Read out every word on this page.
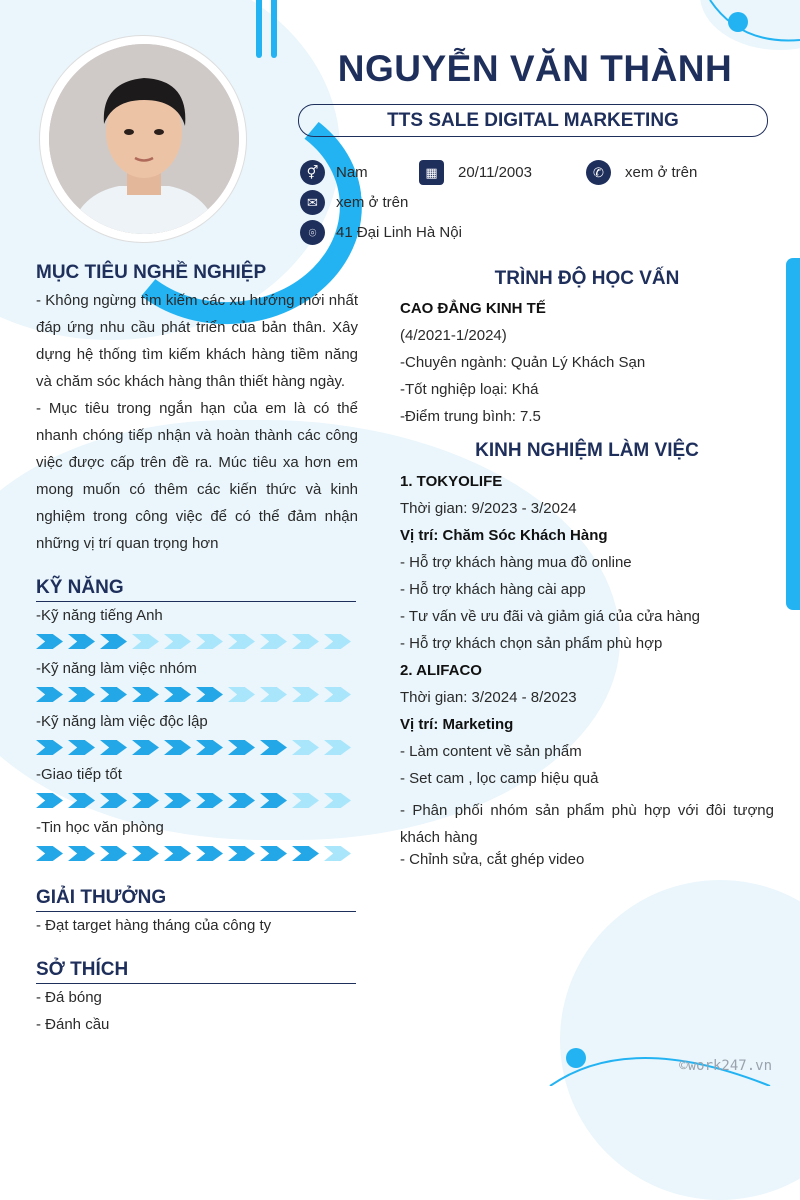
NGUYỄN VĂN THÀNH
TTS SALE DIGITAL MARKETING
⚥	Nam	▦	20/11/2003	✆	xem ở trên
✉	xem ở trên
⌾	41 Đại Linh Hà Nội
MỤC TIÊU NGHỀ NGHIỆP
- Không ngừng tìm kiếm các xu hướng mới nhất đáp ứng nhu cầu phát triển của bản thân. Xây dựng hệ thống tìm kiếm khách hàng tiềm năng và chăm sóc khách hàng thân thiết hàng ngày.
- Mục tiêu trong ngắn hạn của em là có thể nhanh chóng tiếp nhận và hoàn thành các công việc được cấp trên đề ra. Múc tiêu xa hơn em mong muốn có thêm các kiến thức và kinh nghiệm trong công việc để có thể đảm nhận những vị trí quan trọng hơn
KỸ NĂNG
-Kỹ năng tiếng Anh
-Kỹ năng làm việc nhóm
-Kỹ năng làm việc độc lập
-Giao tiếp tốt
-Tin học văn phòng
GIẢI THƯỞNG
- Đạt target hàng tháng của công ty
SỞ THÍCH
- Đá bóng
- Đánh cầu
TRÌNH ĐỘ HỌC VẤN
CAO ĐẲNG KINH TẾ
(4/2021-1/2024)
-Chuyên ngành: Quản Lý Khách Sạn
-Tốt nghiệp loại: Khá
-Điểm trung bình: 7.5
KINH NGHIỆM LÀM VIỆC
1. TOKYOLIFE
Thời gian: 9/2023 - 3/2024
Vị trí: Chăm Sóc Khách Hàng
- Hỗ trợ khách hàng mua đồ online
- Hỗ trợ khách hàng cài app
- Tư vấn về ưu đãi và giảm giá của cửa hàng
- Hỗ trợ khách chọn sản phẩm phù hợp
2. ALIFACO
Thời gian: 3/2024 - 8/2023
Vị trí: Marketing
- Làm content về sản phẩm
- Set cam , lọc camp hiệu quả
- Phân phối nhóm sản phẩm phù hợp với đôi tượng khách hàng
- Chỉnh sửa, cắt ghép video
©work247.vn
